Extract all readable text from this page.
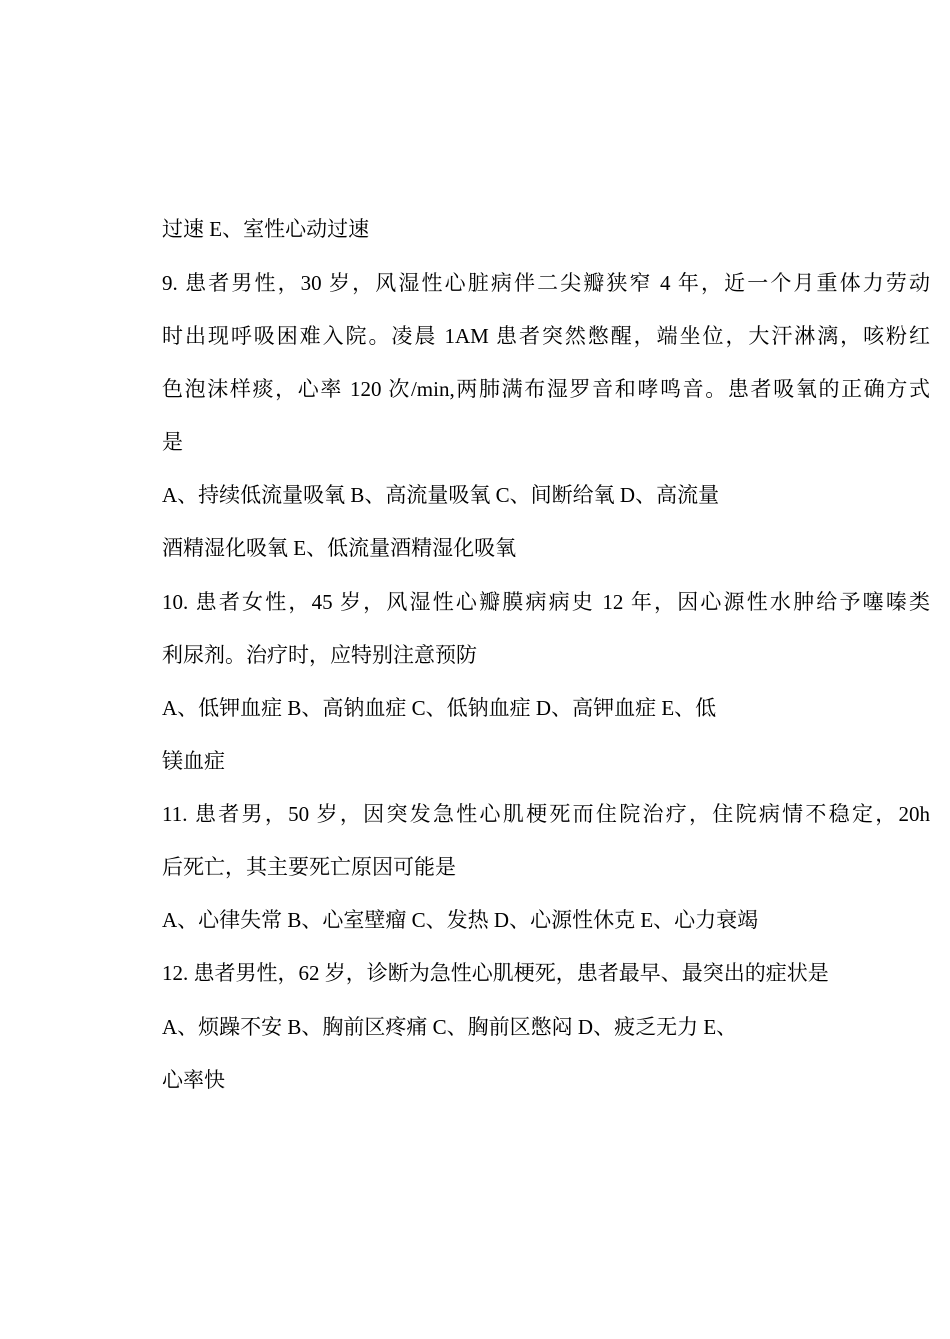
过速 E、室性心动过速
9. 患者男性，30 岁，风湿性心脏病伴二尖瓣狭窄 4 年，近一个月重体力劳动
时出现呼吸困难入院。凌晨 1AM 患者突然憋醒，端坐位，大汗淋漓，咳粉红
色泡沫样痰，心率 120 次/min,两肺满布湿罗音和哮鸣音。患者吸氧的正确方式
是
A、持续低流量吸氧 B、高流量吸氧 C、间断给氧 D、高流量
酒精湿化吸氧 E、低流量酒精湿化吸氧
10. 患者女性，45 岁，风湿性心瓣膜病病史 12 年，因心源性水肿给予噻嗪类
利尿剂。治疗时，应特别注意预防
A、低钾血症 B、高钠血症 C、低钠血症 D、高钾血症 E、低
镁血症
11. 患者男，50 岁，因突发急性心肌梗死而住院治疗，住院病情不稳定，20h
后死亡，其主要死亡原因可能是
A、心律失常 B、心室壁瘤 C、发热 D、心源性休克 E、心力衰竭
12. 患者男性，62 岁，诊断为急性心肌梗死，患者最早、最突出的症状是
A、烦躁不安 B、胸前区疼痛 C、胸前区憋闷 D、疲乏无力 E、
心率快
